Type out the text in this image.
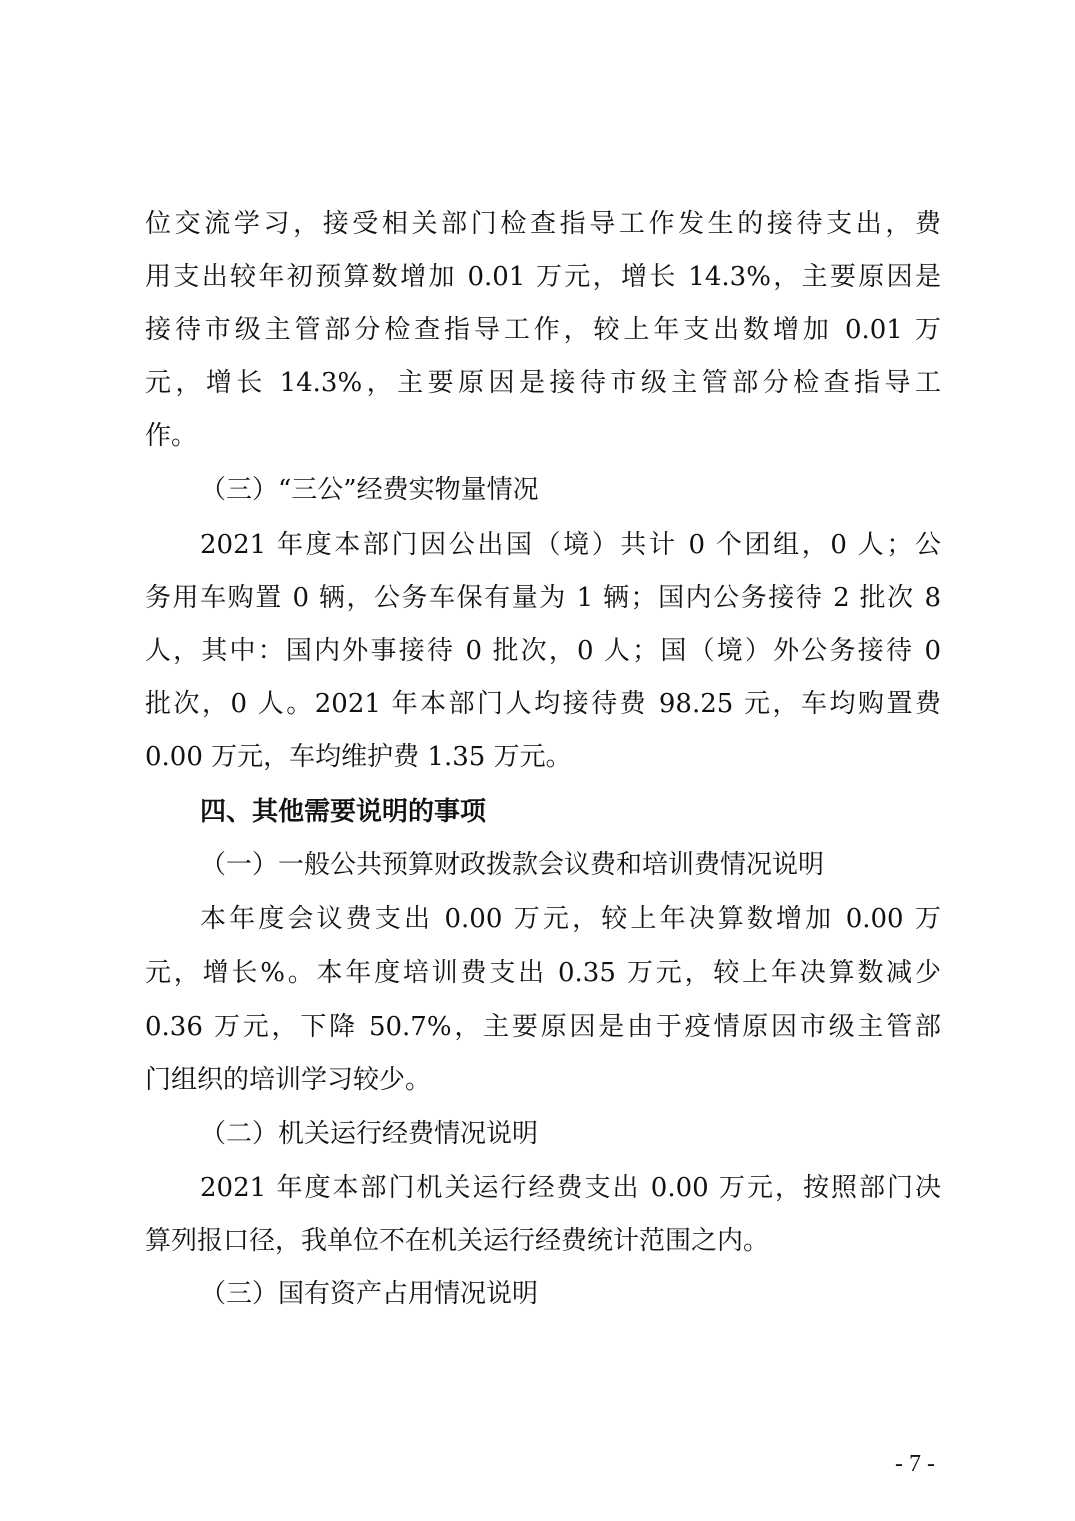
位交流学习，接受相关部门检查指导工作发生的接待支出，费
用支出较年初预算数增加 0.01 万元，增长 14.3%，主要原因是
接待市级主管部分检查指导工作，较上年支出数增加 0.01 万
元，增长 14.3%，主要原因是接待市级主管部分检查指导工
作。
（三）“三公”经费实物量情况
2021 年度本部门因公出国（境）共计 0 个团组，0 人；公
务用车购置 0 辆，公务车保有量为 1 辆；国内公务接待 2 批次 8
人，其中：国内外事接待 0 批次，0 人；国（境）外公务接待 0
批次，0 人。2021 年本部门人均接待费 98.25 元，车均购置费
0.00 万元，车均维护费 1.35 万元。
四、其他需要说明的事项
（一）一般公共预算财政拨款会议费和培训费情况说明
本年度会议费支出 0.00 万元，较上年决算数增加 0.00 万
元，增长%。本年度培训费支出 0.35 万元，较上年决算数减少
0.36 万元，下降 50.7%，主要原因是由于疫情原因市级主管部
门组织的培训学习较少。
（二）机关运行经费情况说明
2021 年度本部门机关运行经费支出 0.00 万元，按照部门决
算列报口径，我单位不在机关运行经费统计范围之内。
（三）国有资产占用情况说明
- 7 -
